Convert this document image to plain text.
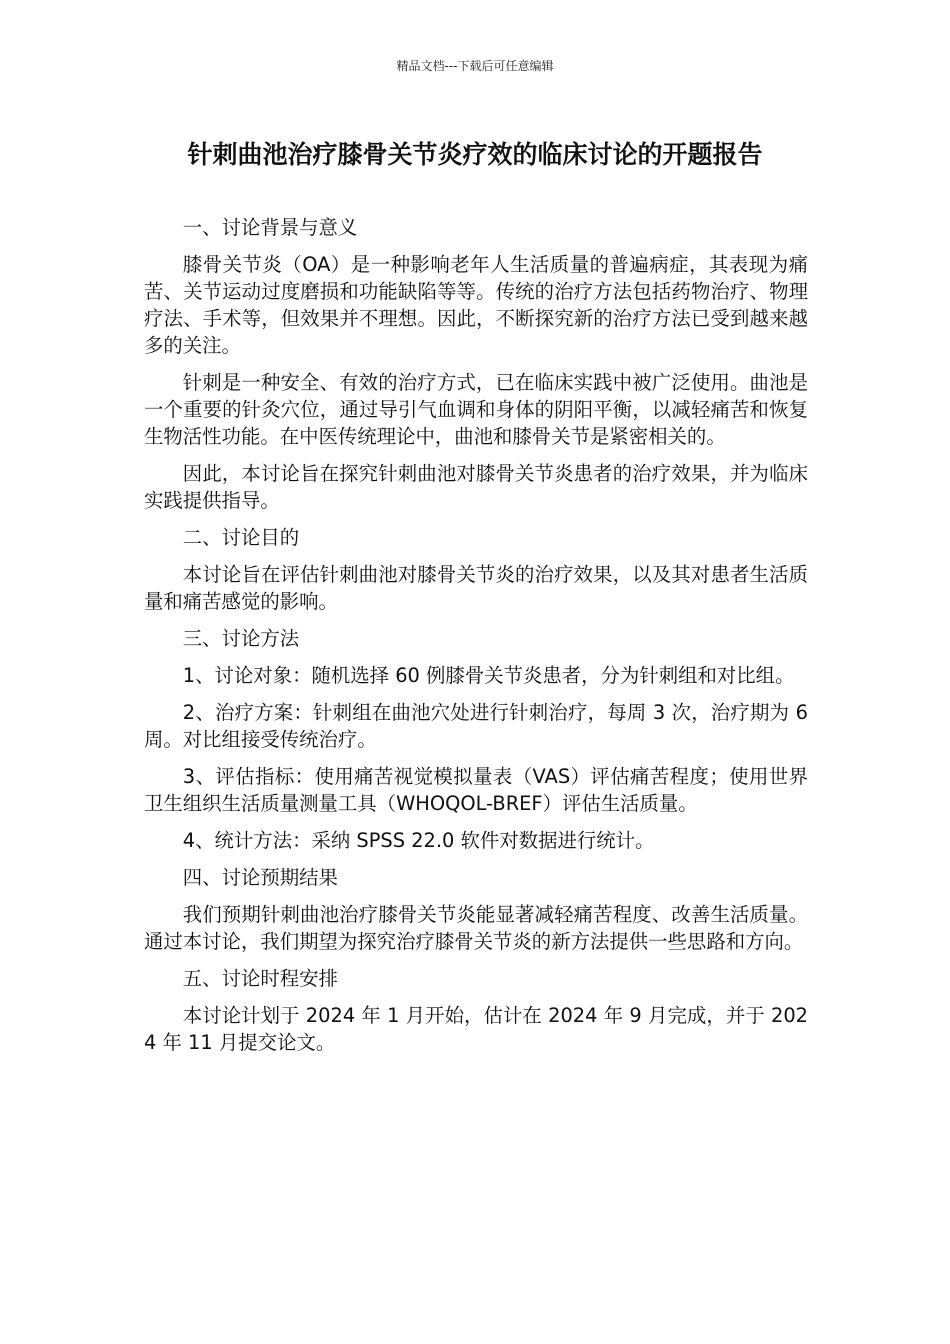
精品文档---下载后可任意编辑
针刺曲池治疗膝骨关节炎疗效的临床讨论的开题报告

一、讨论背景与意义

膝骨关节炎（OA）是一种影响老年人生活质量的普遍病症，其表现为痛苦、关节运动过度磨损和功能缺陷等等。传统的治疗方法包括药物治疗、物理疗法、手术等，但效果并不理想。因此，不断探究新的治疗方法已受到越来越多的关注。

针刺是一种安全、有效的治疗方式，已在临床实践中被广泛使用。曲池是一个重要的针灸穴位，通过导引气血调和身体的阴阳平衡，以减轻痛苦和恢复生物活性功能。在中医传统理论中，曲池和膝骨关节是紧密相关的。

因此，本讨论旨在探究针刺曲池对膝骨关节炎患者的治疗效果，并为临床实践提供指导。

二、讨论目的

本讨论旨在评估针刺曲池对膝骨关节炎的治疗效果，以及其对患者生活质量和痛苦感觉的影响。

三、讨论方法

1、讨论对象：随机选择 60 例膝骨关节炎患者，分为针刺组和对比组。

2、治疗方案：针刺组在曲池穴处进行针刺治疗，每周 3 次，治疗期为 6 周。对比组接受传统治疗。

3、评估指标：使用痛苦视觉模拟量表（VAS）评估痛苦程度；使用世界卫生组织生活质量测量工具（WHOQOL-BREF）评估生活质量。

4、统计方法：采纳 SPSS 22.0 软件对数据进行统计。

四、讨论预期结果

我们预期针刺曲池治疗膝骨关节炎能显著减轻痛苦程度、改善生活质量。通过本讨论，我们期望为探究治疗膝骨关节炎的新方法提供一些思路和方向。

五、讨论时程安排

本讨论计划于 2024 年 1 月开始，估计在 2024 年 9 月完成，并于 2024 年 11 月提交论文。
